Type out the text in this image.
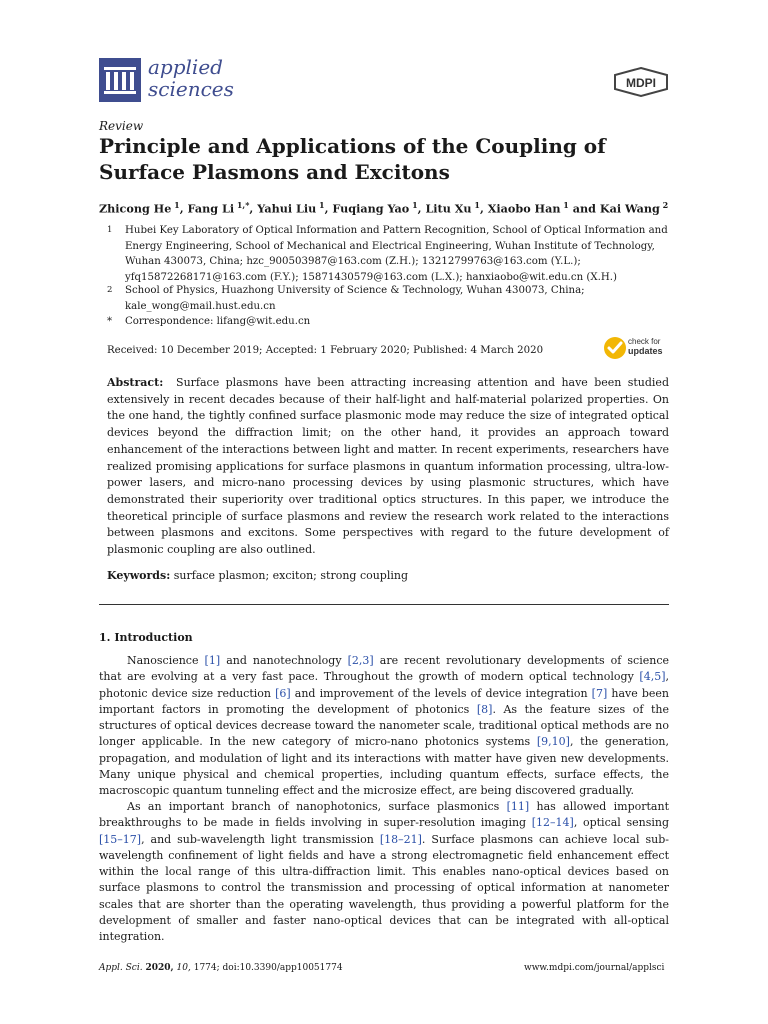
applied
sciences	MDPI
Review
Principle and Applications of the Coupling of Surface Plasmons and Excitons
Zhicong He $^1$, Fang Li $^{1,*}$, Yahui Liu $^1$, Fuqiang Yao $^1$, Litu Xu $^1$, Xiaobo Han $^1$ and Kai Wang $^2$
1 Hubei Key Laboratory of Optical Information and Pattern Recognition, School of Optical Information and
Energy Engineering, School of Mechanical and Electrical Engineering, Wuhan Institute of Technology,
Wuhan 430073, China; hzc_900503987@163.com (Z.H.); 13212799763@163.com (Y.L.);
yfq15872268171@163.com (F.Y.); 15871430579@163.com (L.X.); hanxiaobo@wit.edu.cn (X.H.)
2 School of Physics, Huazhong University of Science & Technology, Wuhan 430073, China;
kale_wong@mail.hust.edu.cn
* Correspondence: lifang@wit.edu.cn
Received: 10 December 2019; Accepted: 1 February 2020; Published: 4 March 2020
check for
updates
Abstract: Surface plasmons have been attracting increasing attention and have been studied extensively in recent decades because of their half-light and half-material polarized properties. On the one hand, the tightly confined surface plasmonic mode may reduce the size of integrated optical devices beyond the diffraction limit; on the other hand, it provides an approach toward enhancement of the interactions between light and matter. In recent experiments, researchers have realized promising applications for surface plasmons in quantum information processing, ultra-low-power lasers, and micro-nano processing devices by using plasmonic structures, which have demonstrated their superiority over traditional optics structures. In this paper, we introduce the theoretical principle of surface plasmons and review the research work related to the interactions between plasmons and excitons. Some perspectives with regard to the future development of plasmonic coupling are also outlined.
Keywords: surface plasmon; exciton; strong coupling
1. Introduction
Nanoscience [1] and nanotechnology [2,3] are recent revolutionary developments of science that are evolving at a very fast pace. Throughout the growth of modern optical technology [4,5], photonic device size reduction [6] and improvement of the levels of device integration [7] have been important factors in promoting the development of photonics [8]. As the feature sizes of the structures of optical devices decrease toward the nanometer scale, traditional optical methods are no longer applicable. In the new category of micro-nano photonics systems [9,10], the generation, propagation, and modulation of light and its interactions with matter have given new developments. Many unique physical and chemical properties, including quantum effects, surface effects, the macroscopic quantum tunneling effect and the microsize effect, are being discovered gradually.
As an important branch of nanophotonics, surface plasmonics [11] has allowed important breakthroughs to be made in fields involving in super-resolution imaging [12–14], optical sensing [15–17], and sub-wavelength light transmission [18–21]. Surface plasmons can achieve local sub-wavelength confinement of light fields and have a strong electromagnetic field enhancement effect within the local range of this ultra-diffraction limit. This enables nano-optical devices based on surface plasmons to control the transmission and processing of optical information at nanometer scales that are shorter than the operating wavelength, thus providing a powerful platform for the development of smaller and faster nano-optical devices that can be integrated with all-optical integration.
Appl. Sci. 2020, 10, 1774; doi:10.3390/app10051774	www.mdpi.com/journal/applsci
